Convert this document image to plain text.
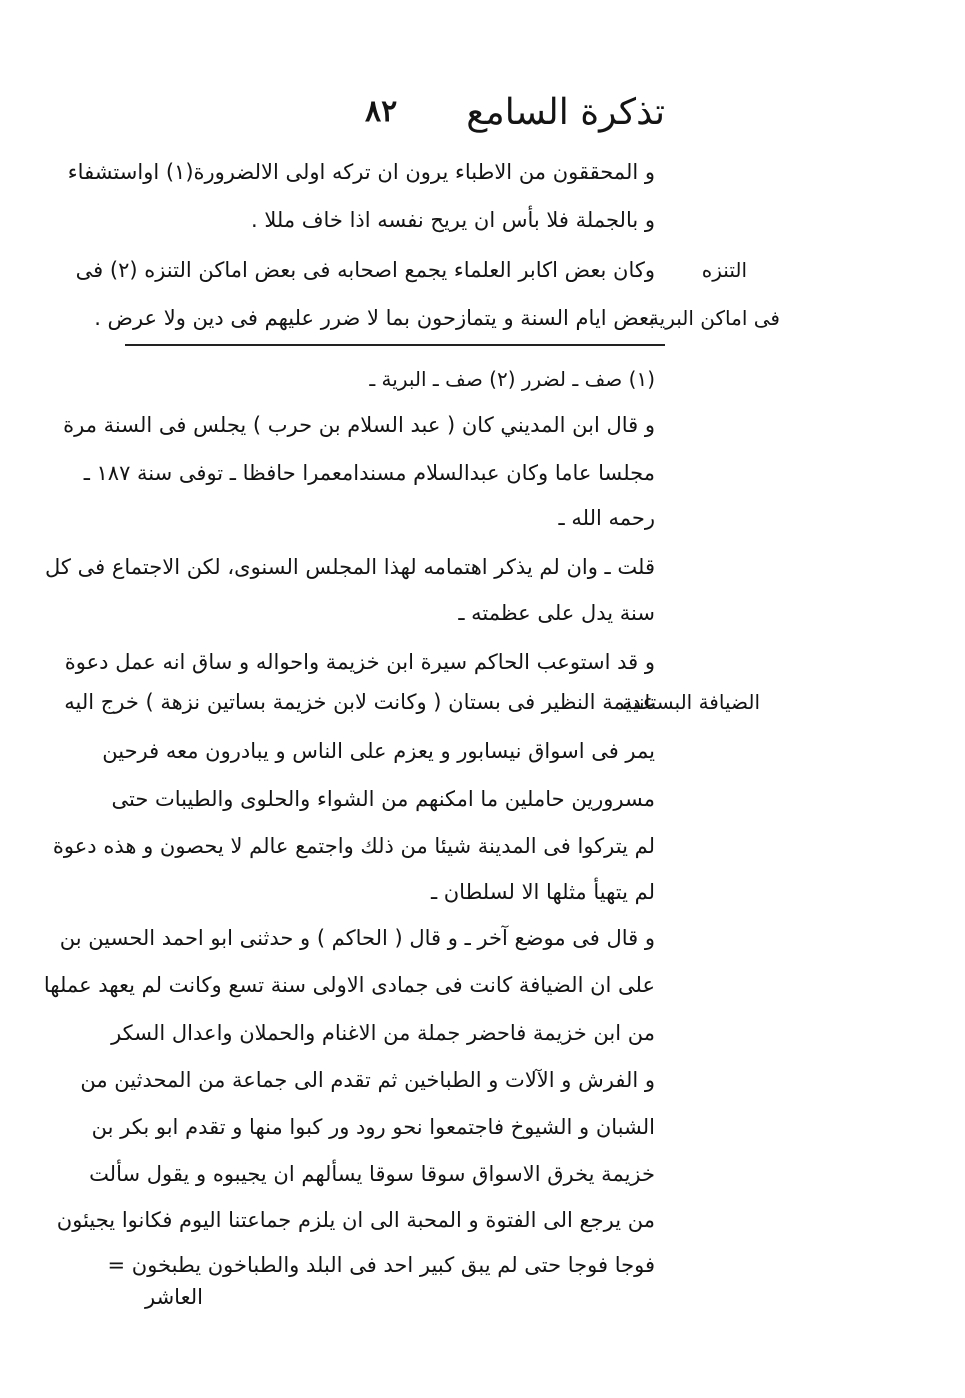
تذكرة السامع
٨٢
و المحققون من الاطباء يرون ان تركه اولى الالضرورة(١) اواستشفاء
و بالجملة فلا بأس ان يريح نفسه اذا خاف مللا .
التنزه
فى اماكن البرية
وكان بعض اكابر العلماء يجمع اصحابه فى بعض اماكن التنزه (٢) فى
بعض ايام السنة و يتمازحون بما لا ضرر عليهم فى دين ولا عرض .
(١) صف ـ لضرر (٢) صف ـ البرية ـ
و قال ابن المديني كان ( عبد السلام بن حرب ) يجلس فى السنة مرة
مجلسا عاما وكان عبدالسلام مسندامعمرا حافظا ـ توفى سنة ١٨٧ ـ
رحمه الله ـ
قلت ـ وان لم يذكر اهتمامه لهذا المجلس السنوى، لكن الاجتماع فى كل
سنة يدل على عظمته ـ
و قد استوعب الحاكم سيرة ابن خزيمة واحواله و ساق انه عمل دعوة
الضيافة البستانية
عديمة النظير فى بستان ( وكانت لابن خزيمة بساتين نزهة ) خرج اليه
يمر فى اسواق نيسابور و يعزم على الناس و يبادرون معه فرحين
مسرورين حاملين ما امكنهم من الشواء والحلوى والطيبات حتى
لم يتركوا فى المدينة شيئا من ذلك واجتمع عالم لا يحصون و هذه دعوة
لم يتهيأ مثلها الا لسلطان ـ
و قال فى موضع آخر ـ و قال ( الحاكم ) و حدثنى ابو احمد الحسين بن
على ان الضيافة كانت فى جمادى الاولى سنة تسع وكانت لم يعهد عملها
من ابن خزيمة فاحضر جملة من الاغنام والحملان واعدال السكر
و الفرش و الآلات و الطباخين ثم تقدم الى جماعة من المحدثين من
الشبان و الشيوخ فاجتمعوا نحو رود ور كبوا منها و تقدم ابو بكر بن
خزيمة يخرق الاسواق سوقا سوقا يسألهم ان يجيبوه و يقول سألت
من يرجع الى الفتوة و المحبة الى ان يلزم جماعتنا اليوم فكانوا يجيئون
فوجا فوجا حتى لم يبق كبير احد فى البلد والطباخون يطبخون =
العاشر
